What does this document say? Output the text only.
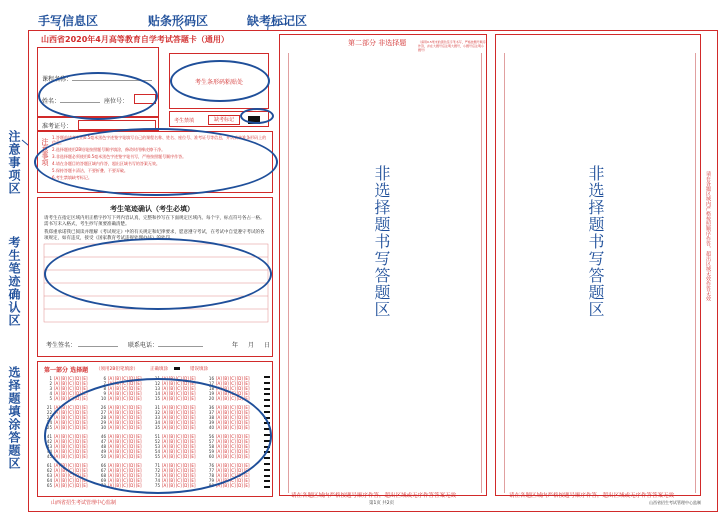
手写信息区	贴条形码区	缺考标记区
注意事项区
考生笔迹确认区
选择题填涂答题区
山西省2020年4月高等教育自学考试答题卡（通用）
课程名称：
姓名：	座位号：
准考证号：
考生条形码粘贴处
考生禁填	缺考标记
注意事项

1.答题前请考生用0.5毫米黑色字迹签字笔填写自己的课程名称、姓名、座位号、准考证号等信息，并认真核准条形码上的信息。

2.选择题使用2B铅笔按照题号顺序填涂，修改时用橡皮擦干净。

3.非选择题必须使用0.5毫米黑色字迹签字笔书写，严格按照题号顺序作答。

4.请在各题目的答题区域内作答，超出区域书写的答案无效。

5.保持答题卡清洁，不要折叠、不要弄破。

6.考生禁填缺考标记。

考生笔迹确认（考生必填）
请考生在指定区域内用正楷字抄写下列内容认真，完整和抄写在下面规定区域内。每个字，标点符号各占一格。需书写未入格式，考生抄写须要准确清楚。
我郑重承诺我已阅读并理解《考试规定》中的有关规定和纪律要求，愿意遵守考试，在考试中自觉遵守考试的各项规定，如有违反，接受《国家教育考试违规处理办法》的处罚。
考生签名：	联系电话：	年 月 日
第一部分 选择题 （须用2B铅笔填涂）	正确填涂	错误填涂
1 [A] [B] [C] [D] [E]
2 [A] [B] [C] [D] [E]
3 [A] [B] [C] [D] [E]
4 [A] [B] [C] [D] [E]
5 [A] [B] [C] [D] [E]
6 [A] [B] [C] [D] [E]
7 [A] [B] [C] [D] [E]
8 [A] [B] [C] [D] [E]
9 [A] [B] [C] [D] [E]
10 [A] [B] [C] [D] [E]
11 [A] [B] [C] [D] [E]
12 [A] [B] [C] [D] [E]
13 [A] [B] [C] [D] [E]
14 [A] [B] [C] [D] [E]
15 [A] [B] [C] [D] [E]
16 [A] [B] [C] [D] [E]
17 [A] [B] [C] [D] [E]
18 [A] [B] [C] [D] [E]
19 [A] [B] [C] [D] [E]
20 [A] [B] [C] [D] [E]
21 [A] [B] [C] [D] [E]
22 [A] [B] [C] [D] [E]
23 [A] [B] [C] [D] [E]
24 [A] [B] [C] [D] [E]
25 [A] [B] [C] [D] [E]
26 [A] [B] [C] [D] [E]
27 [A] [B] [C] [D] [E]
28 [A] [B] [C] [D] [E]
29 [A] [B] [C] [D] [E]
30 [A] [B] [C] [D] [E]
31 [A] [B] [C] [D] [E]
32 [A] [B] [C] [D] [E]
33 [A] [B] [C] [D] [E]
34 [A] [B] [C] [D] [E]
35 [A] [B] [C] [D] [E]
36 [A] [B] [C] [D] [E]
37 [A] [B] [C] [D] [E]
38 [A] [B] [C] [D] [E]
39 [A] [B] [C] [D] [E]
40 [A] [B] [C] [D] [E]
41 [A] [B] [C] [D] [E]
42 [A] [B] [C] [D] [E]
43 [A] [B] [C] [D] [E]
44 [A] [B] [C] [D] [E]
45 [A] [B] [C] [D] [E]
46 [A] [B] [C] [D] [E]
47 [A] [B] [C] [D] [E]
48 [A] [B] [C] [D] [E]
49 [A] [B] [C] [D] [E]
50 [A] [B] [C] [D] [E]
51 [A] [B] [C] [D] [E]
52 [A] [B] [C] [D] [E]
53 [A] [B] [C] [D] [E]
54 [A] [B] [C] [D] [E]
55 [A] [B] [C] [D] [E]
56 [A] [B] [C] [D] [E]
57 [A] [B] [C] [D] [E]
58 [A] [B] [C] [D] [E]
59 [A] [B] [C] [D] [E]
60 [A] [B] [C] [D] [E]
61 [A] [B] [C] [D] [E]
62 [A] [B] [C] [D] [E]
63 [A] [B] [C] [D] [E]
64 [A] [B] [C] [D] [E]
65 [A] [B] [C] [D] [E]
66 [A] [B] [C] [D] [E]
67 [A] [B] [C] [D] [E]
68 [A] [B] [C] [D] [E]
69 [A] [B] [C] [D] [E]
70 [A] [B] [C] [D] [E]
71 [A] [B] [C] [D] [E]
72 [A] [B] [C] [D] [E]
73 [A] [B] [C] [D] [E]
74 [A] [B] [C] [D] [E]
75 [A] [B] [C] [D] [E]
76 [A] [B] [C] [D] [E]
77 [A] [B] [C] [D] [E]
78 [A] [B] [C] [D] [E]
79 [A] [B] [C] [D] [E]
80 [A] [B] [C] [D] [E]
山西省招生考试管理中心监制
第二部分 非选择题	（请用0.5毫米的黑色签字笔书写，严格按题号顺序作答，并在大题号后注明大题号，小题号后注明小题号）
非选择题书写答题区	非选择题书写答题区	请在各题区域内严格按照顺序作答，超出区域无效作答无效
请在各题区域内严格按题号顺序作答，超出区域或无序作答答案无效	请在各题区域内严格按题号顺序作答，超出区域或无序作答答案无效
第1页 共2页	山西省招生考试管理中心监制
